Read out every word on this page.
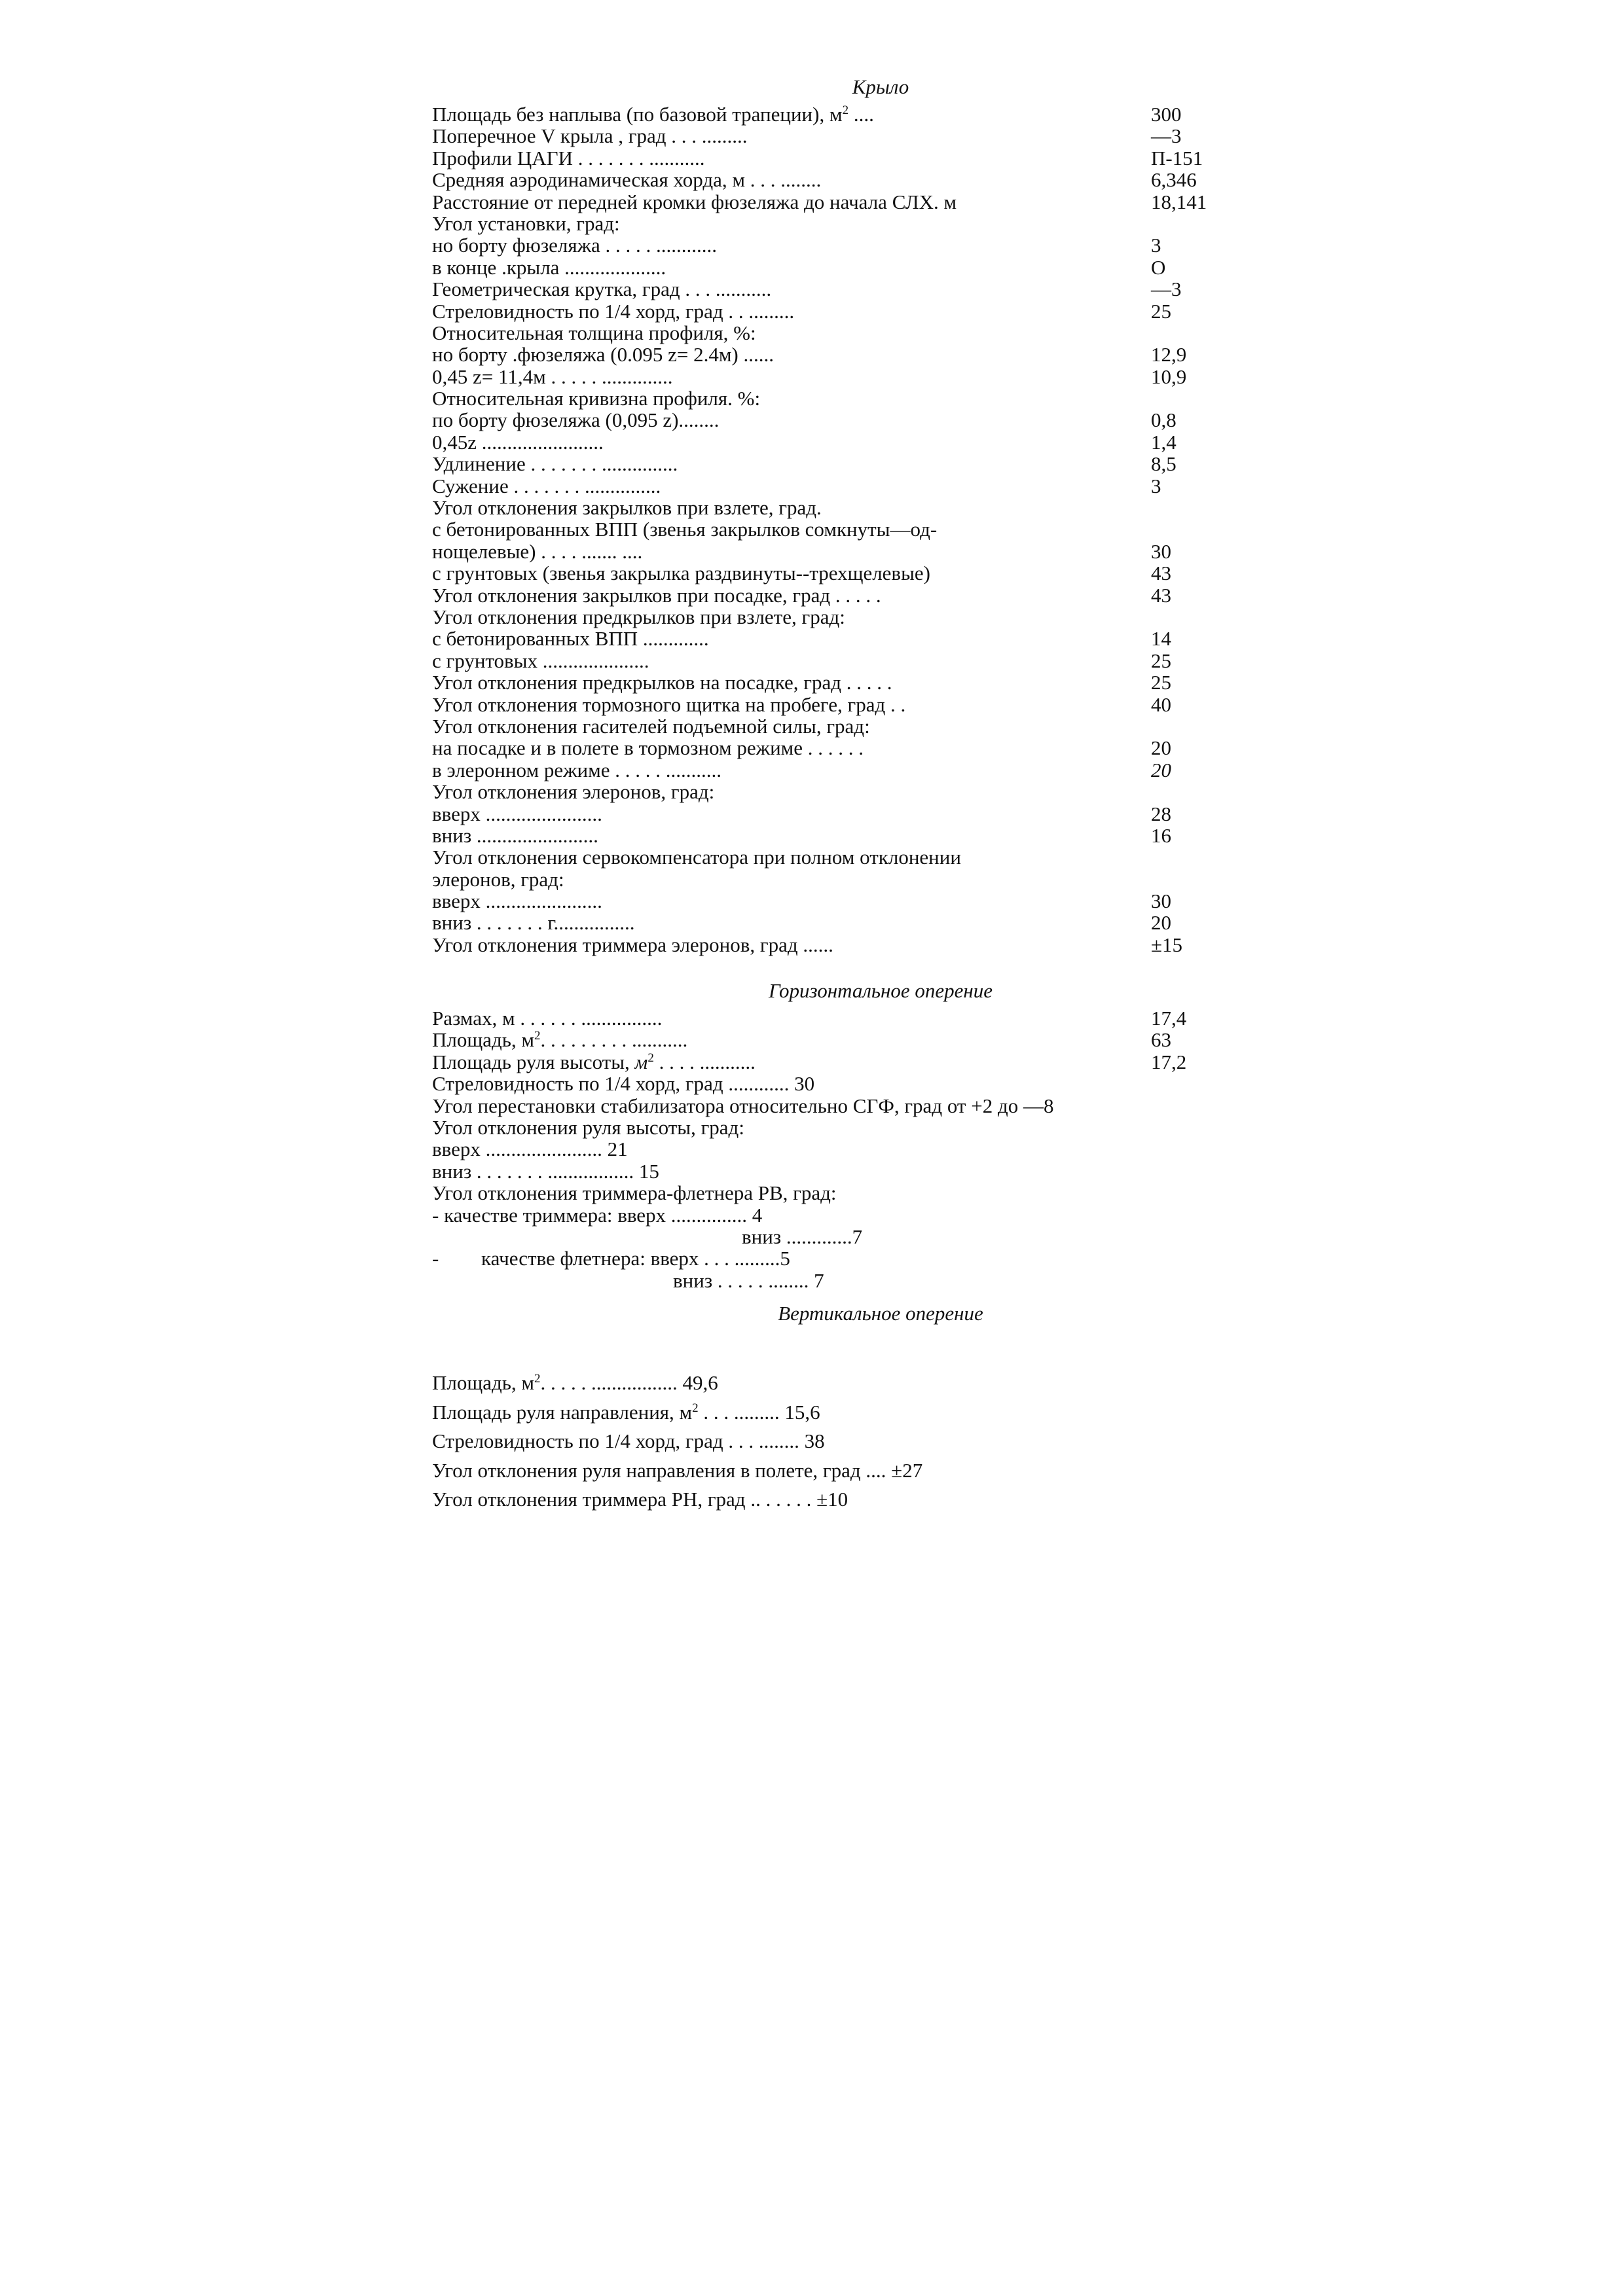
Крыло
Площадь без наплыва (по базовой трапеции), $м^2$ ....	300
Поперечное V крыла , град . . . .........	—3
Профили ЦАГИ . . . . . . . ...........	П-151
Средняя аэродинамическая хорда, м . . . ........	6,346
Расстояние от передней кромки фюзеляжа до начала СЛХ. м	18,141
Угол установки, град:
но борту фюзеляжа . . . . . ............	3
в конце .крыла ....................	О
Геометрическая крутка, град . . . ...........	—3
Стреловидность по 1/4 хорд, град . . .........	25
Относительная толщина профиля, %:
но борту .фюзеляжа (0.095 z= 2.4м) ......	12,9
0,45 z= 11,4м . . . . . ..............	10,9
Относительная кривизна профиля. %:
по борту фюзеляжа (0,095 z)........	0,8
0,45z ........................	1,4
Удлинение . . . . . . . ...............	8,5
Сужение . . . . . . . ...............	3
Угол отклонения закрылков при взлете, град.
с бетонированных ВПП (звенья закрылков сомкнуты—од-
нощелевые) . . . . ....... ....	30
с грунтовых (звенья закрылка раздвинуты--трехщелевые)	43
Угол отклонения закрылков при посадке, град . . . . .	43
Угол отклонения предкрылков при взлете, град:
с бетонированных ВПП .............	14
с грунтовых .....................	25
Угол отклонения предкрылков на посадке, град . . . . .	25
Угол отклонения тормозного щитка на пробеге, град . .	40
Угол отклонения гасителей подъемной силы, град:
на посадке и в полете в тормозном режиме . . . . . .	20
в элеронном режиме . . . . . ...........	20
Угол отклонения элеронов, град:
вверх .......................	28
вниз ........................	16
Угол отклонения сервокомпенсатора при полном отклонении
элеронов, град:
вверх .......................	30
вниз . . . . . . . г................	20
Угол отклонения триммера элеронов, град ......	±15
Горизонтальное оперение
Размах, м . . . . . . ................	17,4
Площадь, $м^2$. . . . . . . . . ...........	63
Площадь руля высоты, $м^2$ . . . . ...........	17,2
Стреловидность по 1/4 хорд, град ............ 30
Угол перестановки стабилизатора относительно СГФ, град от +2 до —8
Угол отклонения руля высоты, град:
вверх ....................... 21
вниз . . . . . . . ................. 15
Угол отклонения триммера-флетнера РВ, град:
- качестве триммера: вверх ............... 4
вниз .............7
- качестве флетнера: вверх . . . .........5
вниз . . . . . ........ 7
Вертикальное оперение
Площадь, $м^2$. . . . . ................. 49,6
Площадь руля направления, $м^2$ . . . ......... 15,6
Стреловидность по 1/4 хорд, град . . . ........ 38
Угол отклонения руля направления в полете, град .... ±27
Угол отклонения триммера РН, град .. . . . . . ±10
